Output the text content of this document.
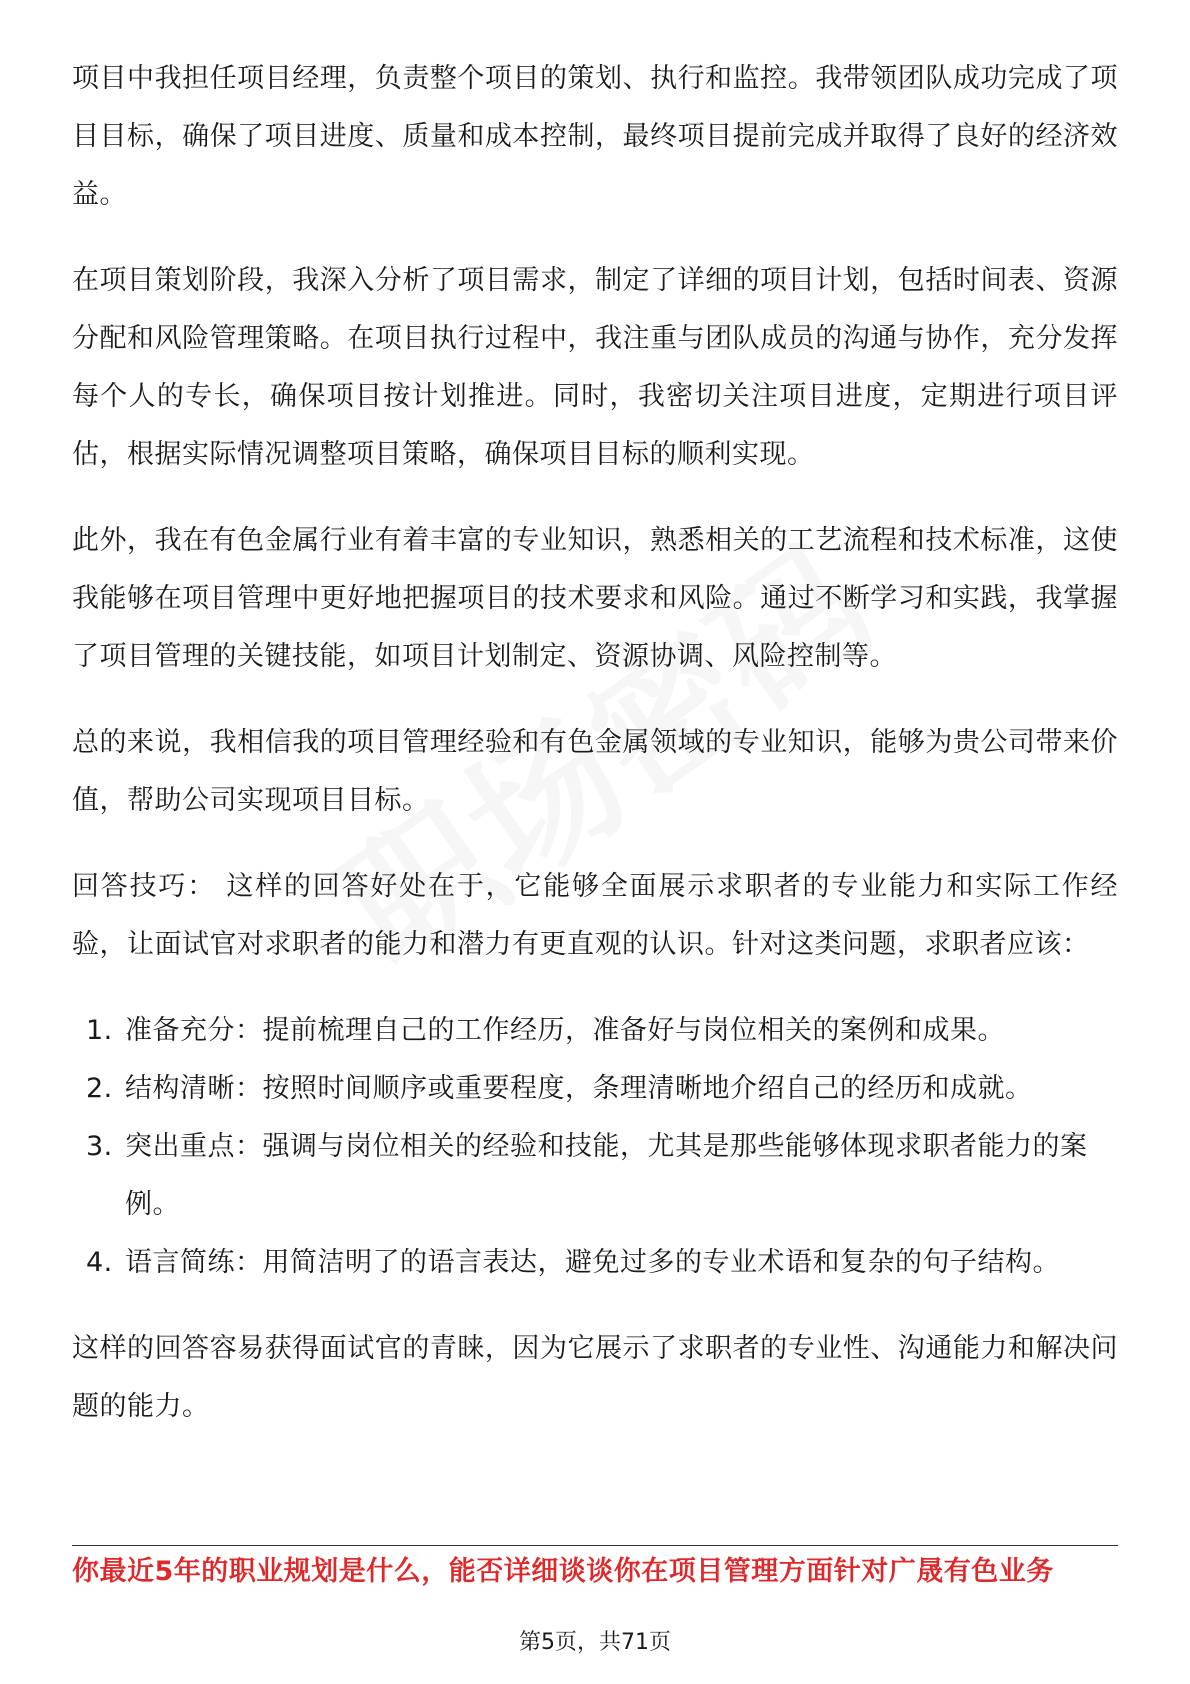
项目中我担任项目经理，负责整个项目的策划、执行和监控。我带领团队成功完成了项目目标，确保了项目进度、质量和成本控制，最终项目提前完成并取得了良好的经济效益。

在项目策划阶段，我深入分析了项目需求，制定了详细的项目计划，包括时间表、资源分配和风险管理策略。在项目执行过程中，我注重与团队成员的沟通与协作，充分发挥每个人的专长，确保项目按计划推进。同时，我密切关注项目进度，定期进行项目评估，根据实际情况调整项目策略，确保项目目标的顺利实现。

此外，我在有色金属行业有着丰富的专业知识，熟悉相关的工艺流程和技术标准，这使我能够在项目管理中更好地把握项目的技术要求和风险。通过不断学习和实践，我掌握了项目管理的关键技能，如项目计划制定、资源协调、风险控制等。

总的来说，我相信我的项目管理经验和有色金属领域的专业知识，能够为贵公司带来价值，帮助公司实现项目目标。

回答技巧： 这样的回答好处在于，它能够全面展示求职者的专业能力和实际工作经验，让面试官对求职者的能力和潜力有更直观的认识。针对这类问题，求职者应该：

1. 准备充分：提前梳理自己的工作经历，准备好与岗位相关的案例和成果。
2. 结构清晰：按照时间顺序或重要程度，条理清晰地介绍自己的经历和成就。
3. 突出重点：强调与岗位相关的经验和技能，尤其是那些能够体现求职者能力的案例。
4. 语言简练：用简洁明了的语言表达，避免过多的专业术语和复杂的句子结构。

这样的回答容易获得面试官的青睐，因为它展示了求职者的专业性、沟通能力和解决问题的能力。

你最近5年的职业规划是什么，能否详细谈谈你在项目管理方面针对广晟有色业务
第5页，共71页
